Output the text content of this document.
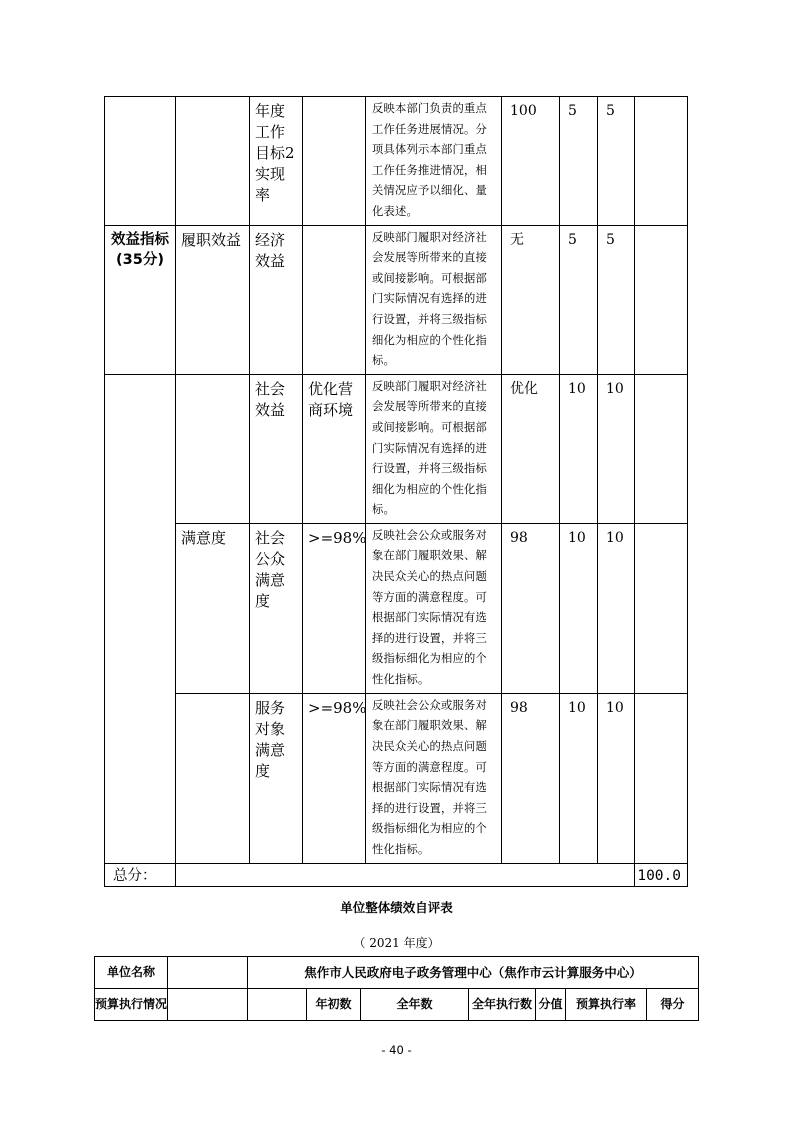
		年度工作目标2实现率		反映本部门负责的重点工作任务进展情况。分项具体列示本部门重点工作任务推进情况，相关情况应予以细化、量化表述。	100	5	5	
效益指标(35分)	履职效益	经济效益		反映部门履职对经济社会发展等所带来的直接或间接影响。可根据部门实际情况有选择的进行设置，并将三级指标细化为相应的个性化指标。	无	5	5	
		社会效益	优化营商环境	反映部门履职对经济社会发展等所带来的直接或间接影响。可根据部门实际情况有选择的进行设置，并将三级指标细化为相应的个性化指标。	优化	10	10	
	满意度	社会公众满意度	>=98%	反映社会公众或服务对象在部门履职效果、解决民众关心的热点问题等方面的满意程度。可根据部门实际情况有选择的进行设置，并将三级指标细化为相应的个性化指标。	98	10	10	
		服务对象满意度	>=98%	反映社会公众或服务对象在部门履职效果、解决民众关心的热点问题等方面的满意程度。可根据部门实际情况有选择的进行设置，并将三级指标细化为相应的个性化指标。	98	10	10	
总分：								100.0
单位整体绩效自评表
（ 2021 年度）
单位名称		焦作市人民政府电子政务管理中心（焦作市云计算服务中心）						
预算执行情况			年初数	全年数	全年执行数	分值	预算执行率	得分
- 40 -
